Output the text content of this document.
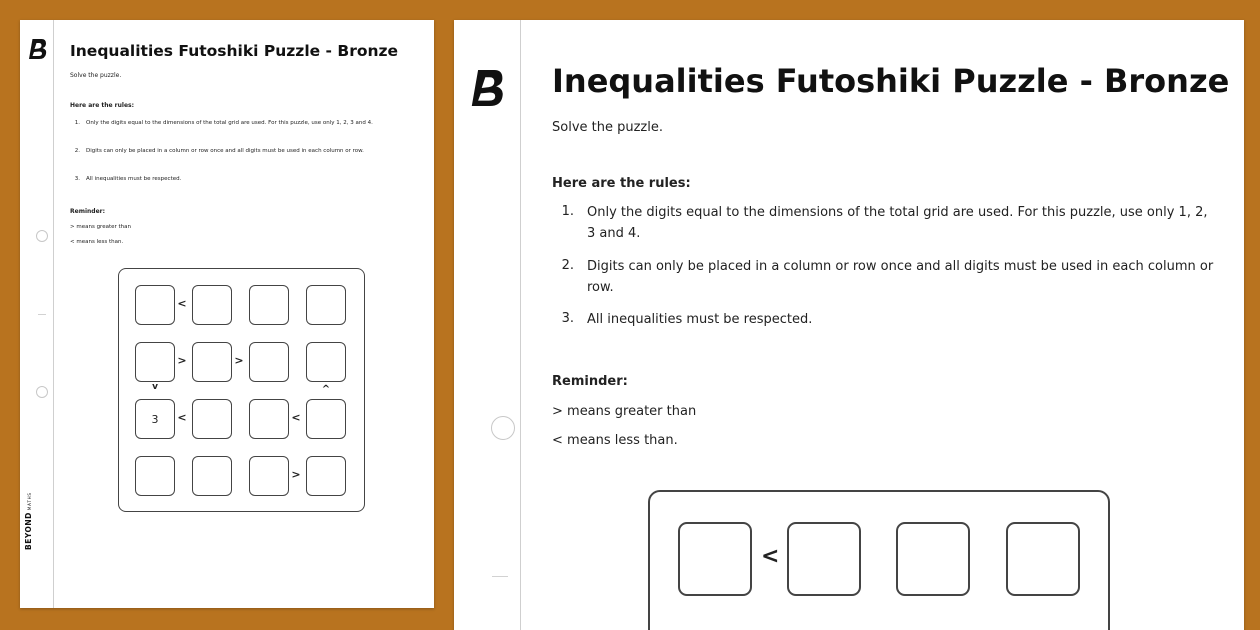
BEYONDMATHS
Inequalities Futoshiki Puzzle - Bronze
Solve the puzzle.
Here are the rules:
1. Only the digits equal to the dimensions of the total grid are used. For this puzzle, use only 1, 2, 3 and 4.
2. Digits can only be placed in a column or row once and all digits must be used in each column or row.
3. All inequalities must be respected.
Reminder:
> means greater than
< means less than.
3
<
>	>
v	^
<	<
>
Inequalities Futoshiki Puzzle - Bronze
Solve the puzzle.
Here are the rules:
1. Only the digits equal to the dimensions of the total grid are used. For this puzzle, use only 1, 2, 3 and 4.
2. Digits can only be placed in a column or row once and all digits must be used in each column or row.
3. All inequalities must be respected.
Reminder:
> means greater than
< means less than.
<
